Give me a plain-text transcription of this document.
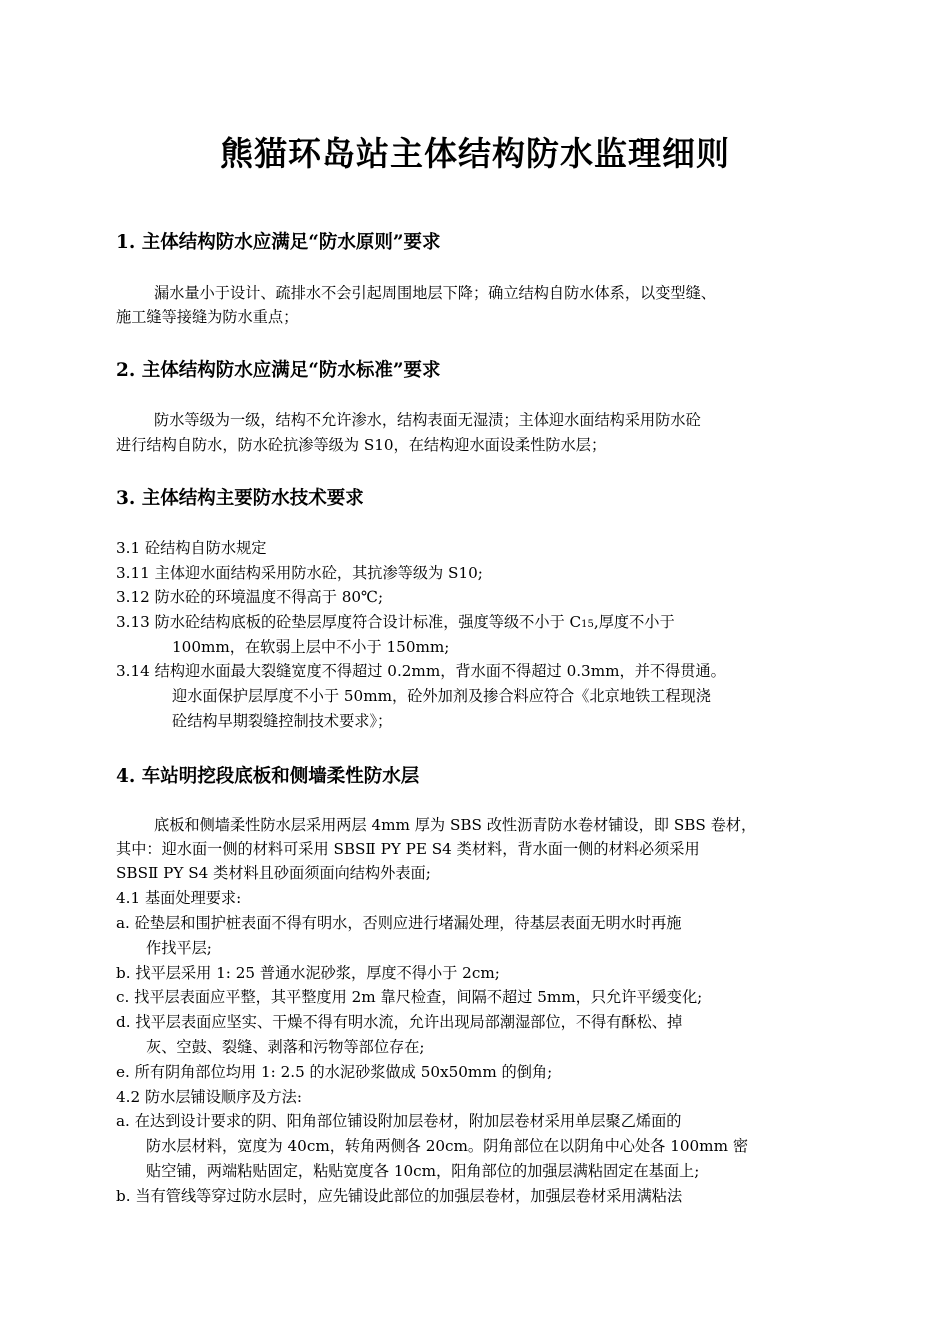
熊猫环岛站主体结构防水监理细则
1. 主体结构防水应满足“防水原则”要求

漏水量小于设计、疏排水不会引起周围地层下降；确立结构自防水体系，以变型缝、

施工缝等接缝为防水重点；

2. 主体结构防水应满足“防水标准”要求

防水等级为一级，结构不允许渗水，结构表面无湿渍；主体迎水面结构采用防水砼

进行结构自防水，防水砼抗渗等级为 S10，在结构迎水面设柔性防水层；

3. 主体结构主要防水技术要求

3.1 砼结构自防水规定

3.11 主体迎水面结构采用防水砼，其抗渗等级为 S10;

3.12 防水砼的环境温度不得高于 80℃;

3.13 防水砼结构底板的砼垫层厚度符合设计标准，强度等级不小于 C15,厚度不小于

100mm，在软弱上层中不小于 150mm;

3.14 结构迎水面最大裂缝宽度不得超过 0.2mm，背水面不得超过 0.3mm，并不得贯通。

迎水面保护层厚度不小于 50mm，砼外加剂及掺合料应符合《北京地铁工程现浇

砼结构早期裂缝控制技术要求》；

4. 车站明挖段底板和侧墙柔性防水层

底板和侧墙柔性防水层采用两层 4mm 厚为 SBS 改性沥青防水卷材铺设，即 SBS 卷材，

其中：迎水面一侧的材料可采用 SBSⅡ PY PE S4 类材料，背水面一侧的材料必须采用

SBSⅡ PY S4 类材料且砂面须面向结构外表面;

4.1 基面处理要求:

a. 砼垫层和围护桩表面不得有明水，否则应进行堵漏处理，待基层表面无明水时再施

作找平层;

b. 找平层采用 1: 25 普通水泥砂浆，厚度不得小于 2cm;

c. 找平层表面应平整，其平整度用 2m 靠尺检查，间隔不超过 5mm，只允许平缓变化;

d. 找平层表面应坚实、干燥不得有明水流，允许出现局部潮湿部位，不得有酥松、掉

灰、空鼓、裂缝、剥落和污物等部位存在;

e. 所有阴角部位均用 1: 2.5 的水泥砂浆做成 50x50mm 的倒角;

4.2 防水层铺设顺序及方法:

a. 在达到设计要求的阴、阳角部位铺设附加层卷材，附加层卷材采用单层聚乙烯面的

防水层材料，宽度为 40cm，转角两侧各 20cm。阴角部位在以阴角中心处各 100mm 密

贴空铺，两端粘贴固定，粘贴宽度各 10cm，阳角部位的加强层满粘固定在基面上;

b. 当有管线等穿过防水层时，应先铺设此部位的加强层卷材，加强层卷材采用满粘法
